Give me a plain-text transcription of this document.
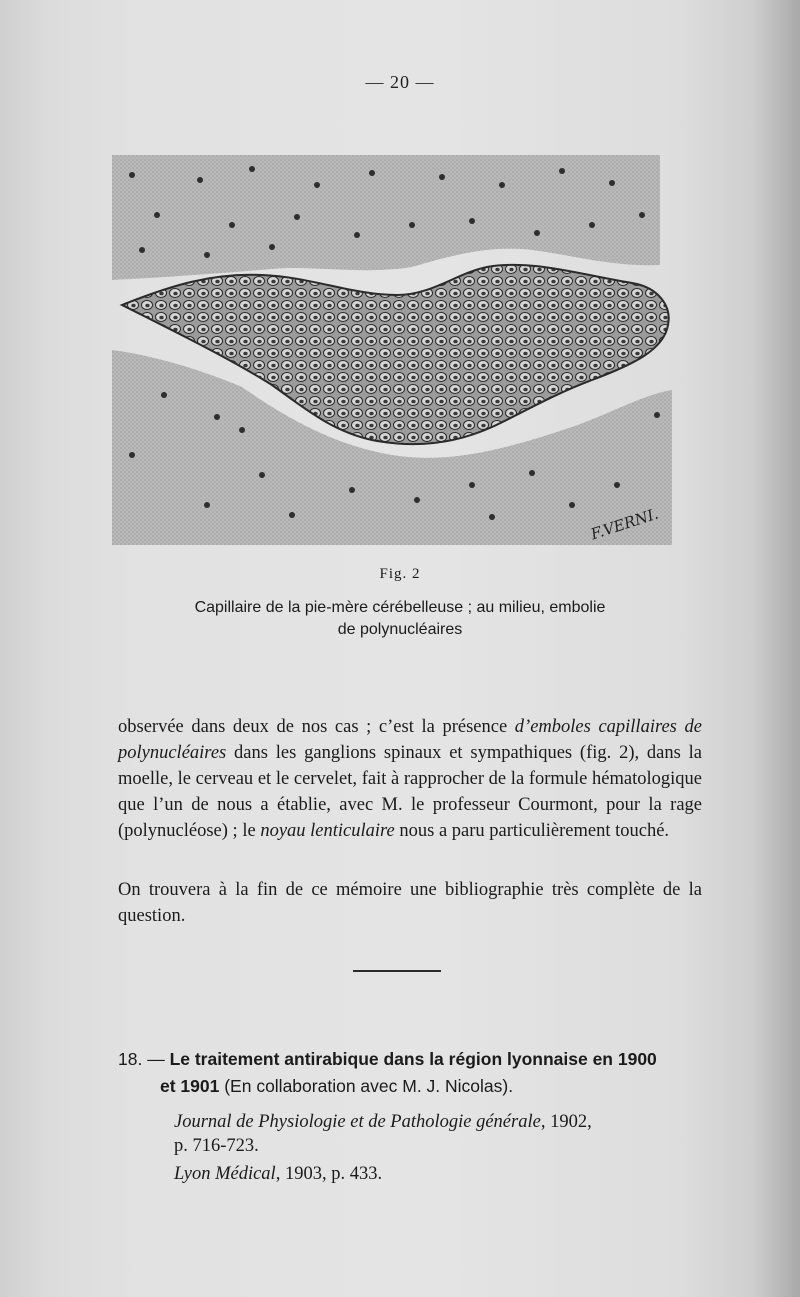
— 20 —
F.VERNI.
Fig. 2
Capillaire de la pie-mère cérébelleuse ; au milieu, embolie
de polynucléaires

observée dans deux de nos cas ; c’est la présence d’emboles capillaires de polynucléaires dans les ganglions spinaux et sympathiques (fig. 2), dans la moelle, le cerveau et le cervelet, fait à rapprocher de la formule hématologique que l’un de nous a établie, avec M. le professeur Courmont, pour la rage (polynucléose) ; le noyau lenticulaire nous a paru particulièrement touché.

On trouvera à la fin de ce mémoire une bibliographie très complète de la question.

18. — Le traitement antirabique dans la région lyonnaise en 1900
et 1901 (En collaboration avec M. J. Nicolas).
Journal de Physiologie et de Pathologie générale, 1902,
p. 716-723.
Lyon Médical, 1903, p. 433.
